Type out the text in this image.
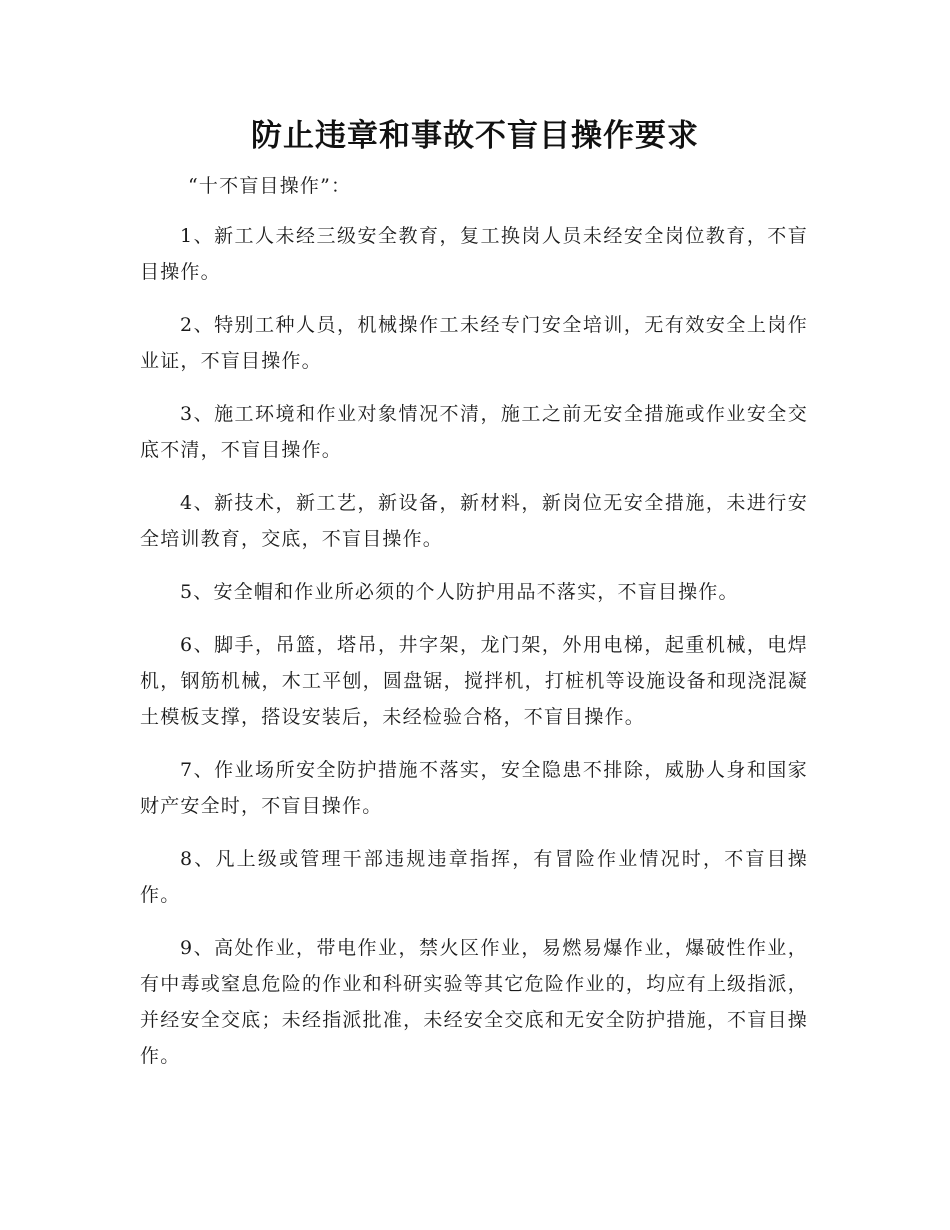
防止违章和事故不盲目操作要求

“十不盲目操作”：

1、新工人未经三级安全教育，复工换岗人员未经安全岗位教育，不盲目操作。

2、特别工种人员，机械操作工未经专门安全培训，无有效安全上岗作业证，不盲目操作。

3、施工环境和作业对象情况不清，施工之前无安全措施或作业安全交底不清，不盲目操作。

4、新技术，新工艺，新设备，新材料，新岗位无安全措施，未进行安全培训教育，交底，不盲目操作。

5、安全帽和作业所必须的个人防护用品不落实，不盲目操作。

6、脚手，吊篮，塔吊，井字架，龙门架，外用电梯，起重机械，电焊机，钢筋机械，木工平刨，圆盘锯，搅拌机，打桩机等设施设备和现浇混凝土模板支撑，搭设安装后，未经检验合格，不盲目操作。

7、作业场所安全防护措施不落实，安全隐患不排除，威胁人身和国家财产安全时，不盲目操作。

8、凡上级或管理干部违规违章指挥，有冒险作业情况时，不盲目操作。

9、高处作业，带电作业，禁火区作业，易燃易爆作业，爆破性作业，有中毒或窒息危险的作业和科研实验等其它危险作业的，均应有上级指派，并经安全交底；未经指派批准，未经安全交底和无安全防护措施，不盲目操作。
